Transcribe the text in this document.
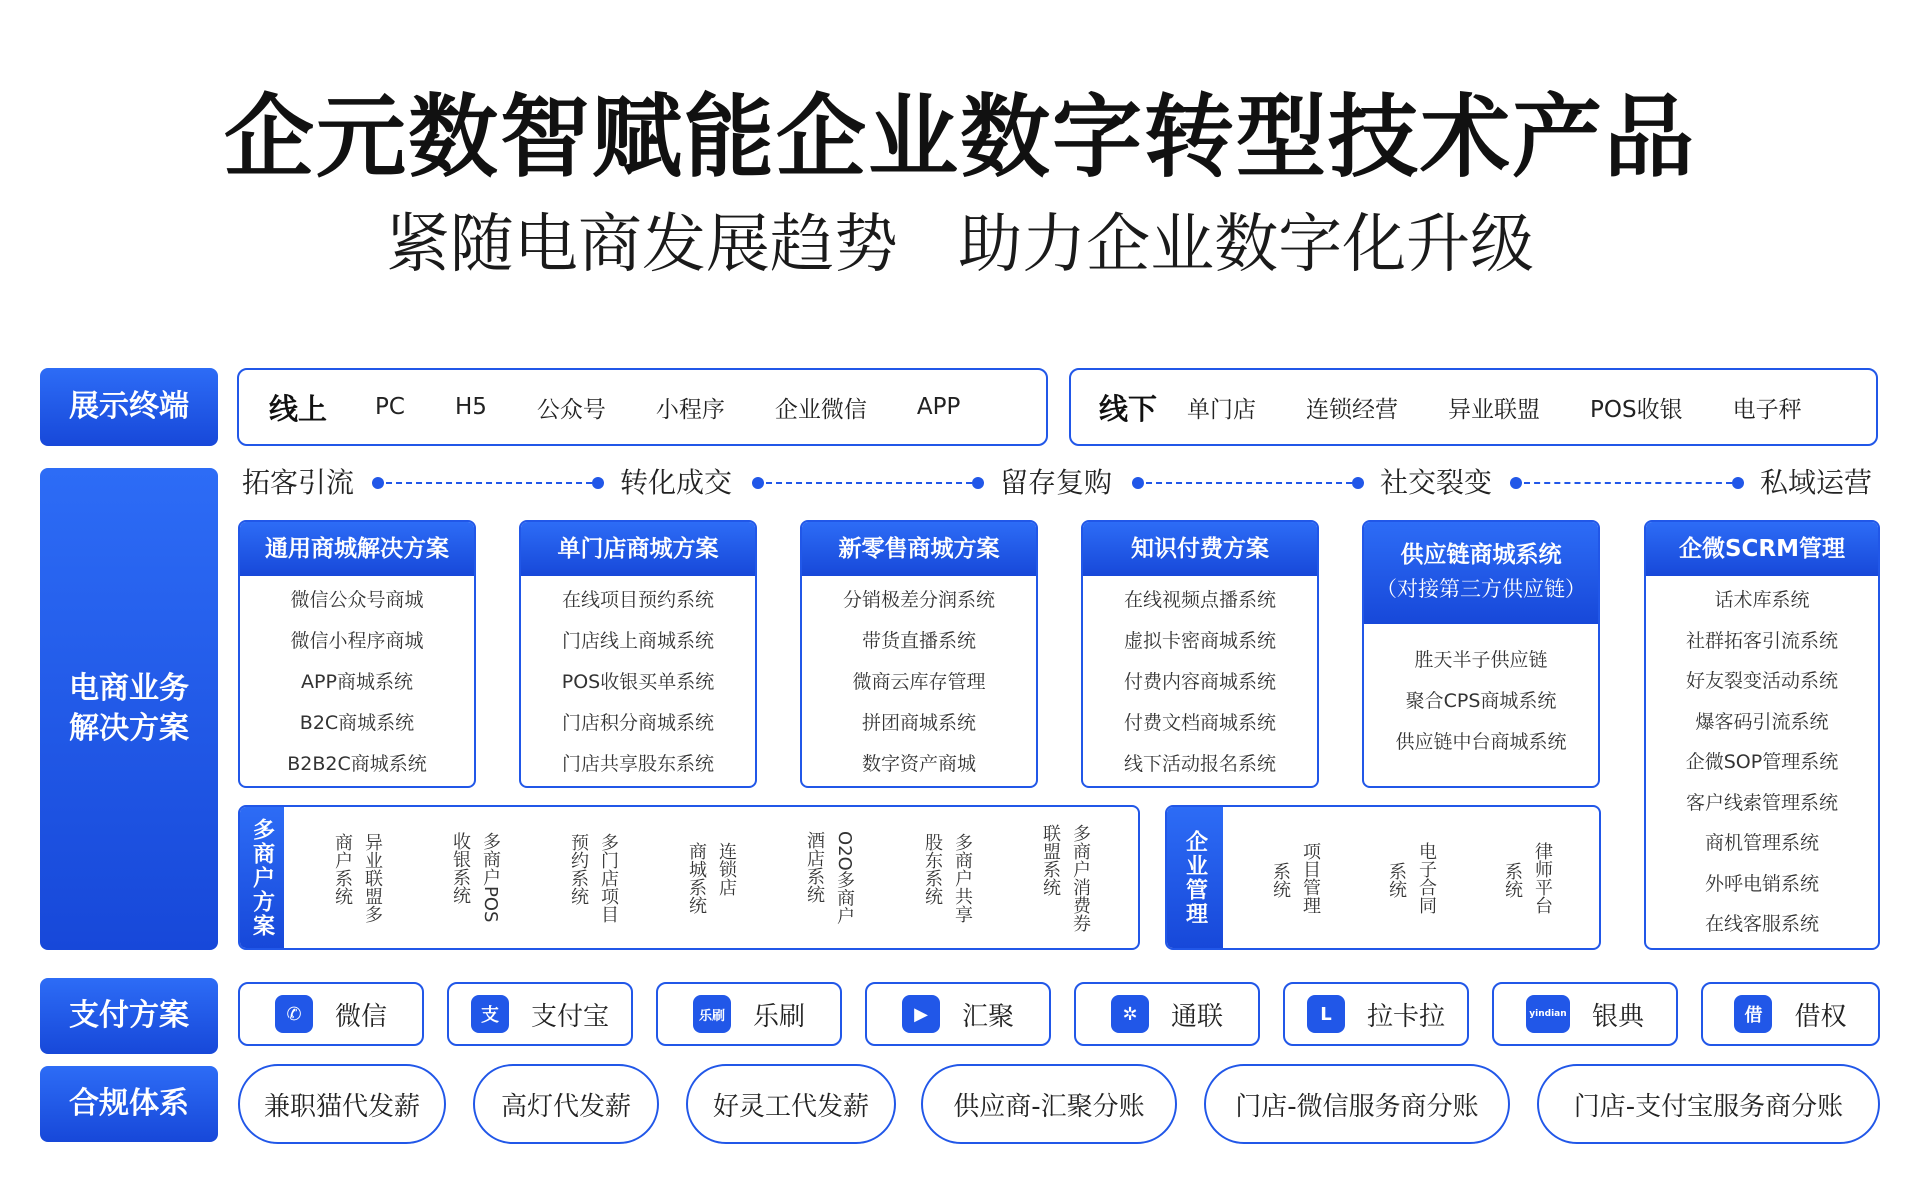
企元数智赋能企业数字转型技术产品
紧随电商发展趋势 助力企业数字化升级
展示终端	线上 PC H5 公众号 小程序 企业微信 APP	线下 单门店 连锁经营 异业联盟 POS收银 电子秤
电商业务
解决方案
拓客引流	转化成交	留存复购	社交裂变	私域运营
通用商城解决方案
微信公众号商城
微信小程序商城
APP商城系统
B2C商城系统
B2B2C商城系统
单门店商城方案
在线项目预约系统
门店线上商城系统
POS收银买单系统
门店积分商城系统
门店共享股东系统
新零售商城方案
分销极差分润系统
带货直播系统
微商云库存管理
拼团商城系统
数字资产商城
知识付费方案
在线视频点播系统
虚拟卡密商城系统
付费内容商城系统
付费文档商城系统
线下活动报名系统
供应链商城系统
（对接第三方供应链）
胜天半子供应链
聚合CPS商城系统
供应链中台商城系统
企微SCRM管理
话术库系统
社群拓客引流系统
好友裂变活动系统
爆客码引流系统
企微SOP管理系统
客户线索管理系统
商机管理系统
外呼电销系统
在线客服系统
多商户方案	异业联盟多
商户系统	多商户POS
收银系统	多门店项目
预约系统	连锁店
商城系统	O2O多商户
酒店系统	多商户共享
股东系统	多商户消费券
联盟系统	企业管理	项目管理
系统	电子合同
系统	律师平台
系统
支付方案	✆	微信	支	支付宝	乐刷 乐刷	▶	汇聚	✲	通联	L	拉卡拉	yindian 银典	借	借权
合规体系	兼职猫代发薪	高灯代发薪	好灵工代发薪	供应商-汇聚分账	门店-微信服务商分账	门店-支付宝服务商分账
